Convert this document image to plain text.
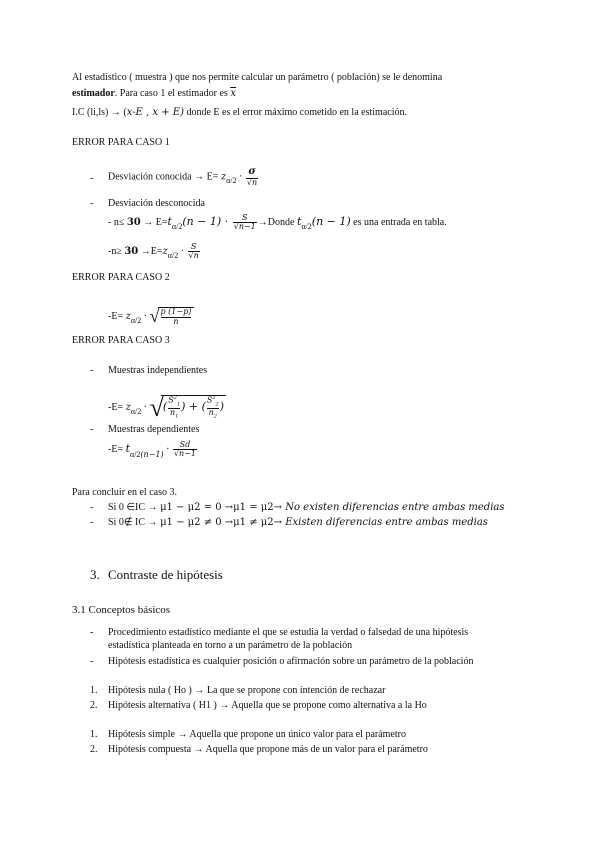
Al estadístico ( muestra ) que nos permite calcular un parámetro ( población) se le denomina
estimador. Para caso 1 el estimador es $\overline{x}$
I.C (li,ls) → (x-E , x + E) donde E es el error máximo cometido en la estimación.
ERROR PARA CASO 1
- Desviación conocida → $E= z_{\alpha/2} \cdot \frac{\sigma}{√n}$
- Desviación desconocida
- $n\le 30 \to E=t_{\alpha/2}(n - 1) \cdot \frac{S}{√n-1}$ →Donde $t_{\alpha/2}(n - 1)$ es una entrada en tabla.
$-n\ge 30 \to E=z_{\alpha/2} \cdot \frac{S}{√n}$
ERROR PARA CASO 2
$-E= z_{\alpha/2}$ · √
$\frac{p (1-p)}{n}$
ERROR PARA CASO 3
- Muestras independientes
$-E= z_{\alpha/2}$ · √( $\frac{S^2_1}{n_1}$ ) + ( $\frac{S^2_2}{n_2}$ )
- Muestras dependientes
$-E= t_{\alpha/2(n-1)} \cdot \frac{Sd}{√n-1}$
Para concluir en el caso 3.
- Si 0 ∈IC → μ1 − μ2 = 0 →μ1 = μ2→ No existen diferencias entre ambas medias
- Si 0∉ IC → μ1 − μ2 ≠ 0 →μ1 ≠ μ2→ Existen diferencias entre ambas medias
3. Contraste de hipótesis
3.1 Conceptos básicos
- Procedimiento estadístico mediante el que se estudia la verdad o falsedad de una hipótesis
estadística planteada en torno a un parámetro de la población
- Hipótesis estadística es cualquier posición o afirmación sobre un parámetro de la población
1. Hipótesis nula ( Ho ) → La que se propone con intención de rechazar
2. Hipótesis alternativa ( H1 ) → Aquella que se propone como alternativa a la Ho
1. Hipótesis simple → Aquella que propone un único valor para el parámetro
2. Hipótesis compuesta → Aquella que propone más de un valor para el parámetro
